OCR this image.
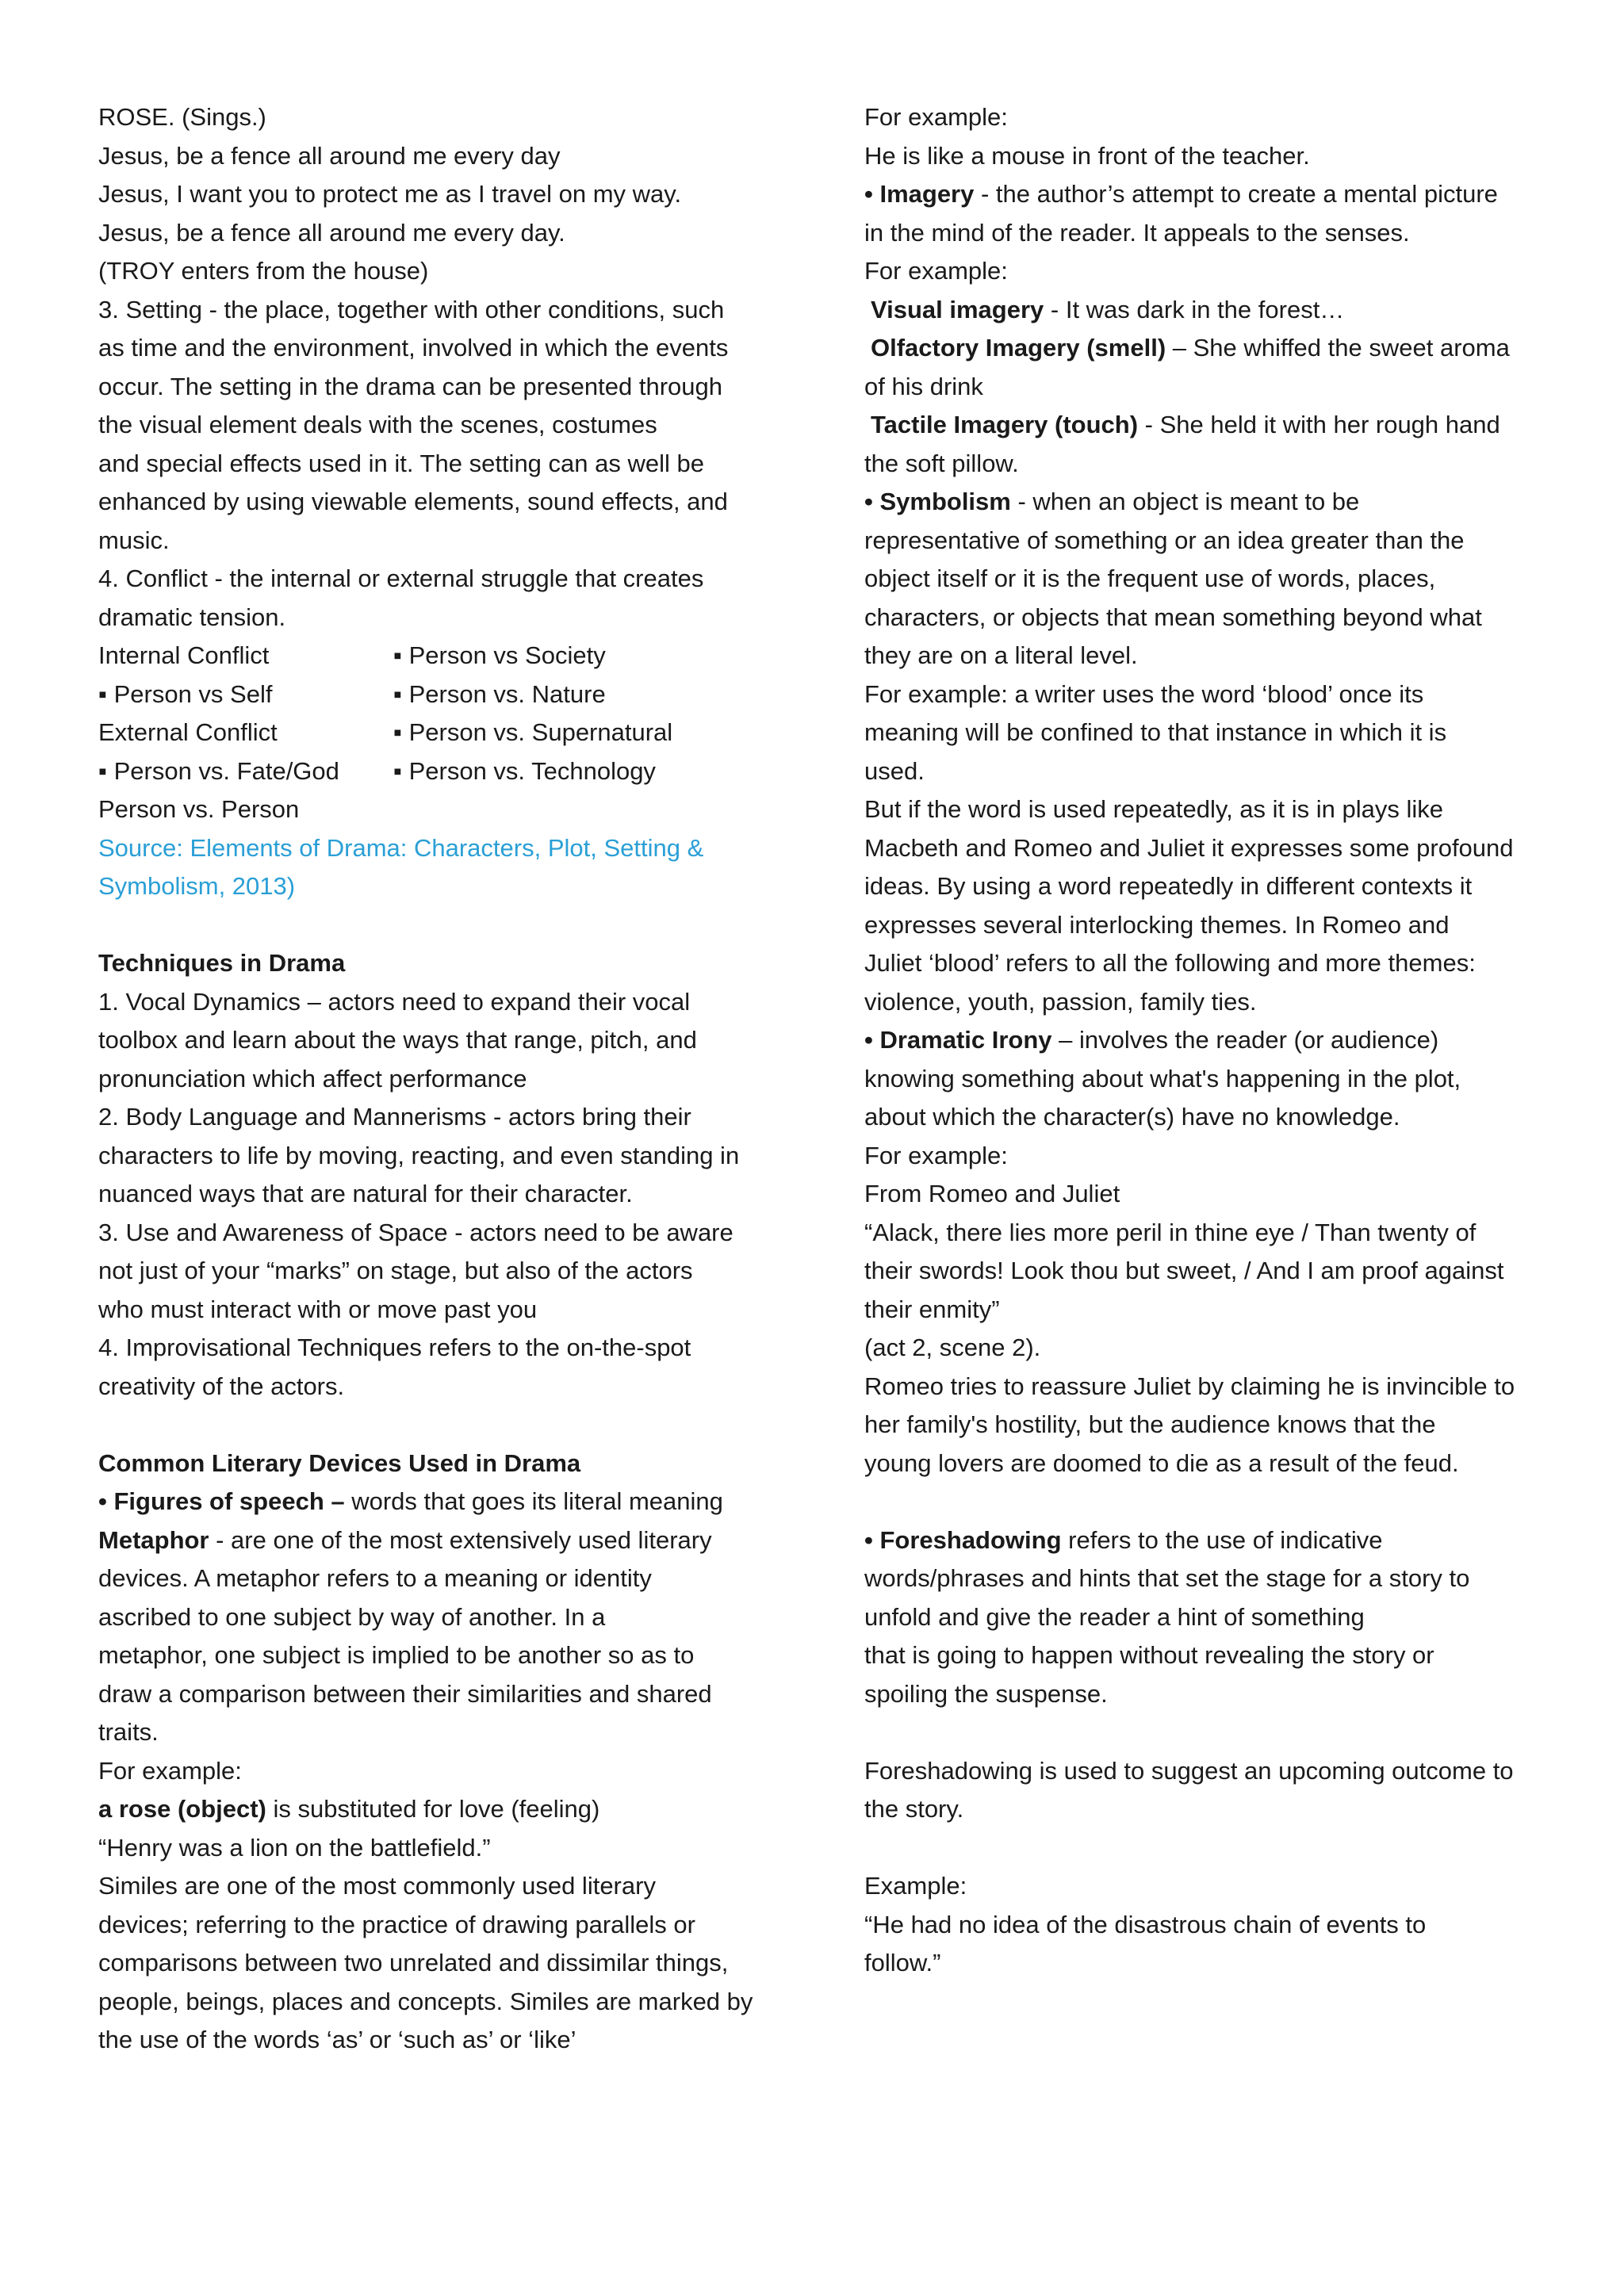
ROSE. (Sings.)
Jesus, be a fence all around me every day
Jesus, I want you to protect me as I travel on my way.
Jesus, be a fence all around me every day.
(TROY enters from the house)
3. Setting - the place, together with other conditions, such
as time and the environment, involved in which the events
occur. The setting in the drama can be presented through
the visual element deals with the scenes, costumes
and special effects used in it. The setting can as well be
enhanced by using viewable elements, sound effects, and
music.
4. Conflict - the internal or external struggle that creates
dramatic tension.
Internal Conflict	▪ Person vs Society
▪ Person vs Self	▪ Person vs. Nature
External Conflict	▪ Person vs. Supernatural
▪ Person vs. Fate/God	▪ Person vs. Technology
Person vs. Person
Source: Elements of Drama: Characters, Plot, Setting &
Symbolism, 2013)
Techniques in Drama
1. Vocal Dynamics – actors need to expand their vocal
toolbox and learn about the ways that range, pitch, and
pronunciation which affect performance
2. Body Language and Mannerisms - actors bring their
characters to life by moving, reacting, and even standing in
nuanced ways that are natural for their character.
3. Use and Awareness of Space - actors need to be aware
not just of your “marks” on stage, but also of the actors
who must interact with or move past you
4. Improvisational Techniques refers to the on-the-spot
creativity of the actors.
Common Literary Devices Used in Drama
• Figures of speech – words that goes its literal meaning
Metaphor - are one of the most extensively used literary
devices. A metaphor refers to a meaning or identity
ascribed to one subject by way of another. In a
metaphor, one subject is implied to be another so as to
draw a comparison between their similarities and shared
traits.
For example:
a rose (object) is substituted for love (feeling)
“Henry was a lion on the battlefield.”
Similes are one of the most commonly used literary
devices; referring to the practice of drawing parallels or
comparisons between two unrelated and dissimilar things,
people, beings, places and concepts. Similes are marked by
the use of the words ‘as’ or ‘such as’ or ‘like’
For example:
He is like a mouse in front of the teacher.
• Imagery - the author’s attempt to create a mental picture
in the mind of the reader. It appeals to the senses.
For example:
Visual imagery - It was dark in the forest…
Olfactory Imagery (smell) – She whiffed the sweet aroma
of his drink
Tactile Imagery (touch) - She held it with her rough hand
the soft pillow.
• Symbolism - when an object is meant to be
representative of something or an idea greater than the
object itself or it is the frequent use of words, places,
characters, or objects that mean something beyond what
they are on a literal level.
For example: a writer uses the word ‘blood’ once its
meaning will be confined to that instance in which it is
used.
But if the word is used repeatedly, as it is in plays like
Macbeth and Romeo and Juliet it expresses some profound
ideas. By using a word repeatedly in different contexts it
expresses several interlocking themes. In Romeo and
Juliet ‘blood’ refers to all the following and more themes:
violence, youth, passion, family ties.
• Dramatic Irony – involves the reader (or audience)
knowing something about what's happening in the plot,
about which the character(s) have no knowledge.
For example:
From Romeo and Juliet
“Alack, there lies more peril in thine eye / Than twenty of
their swords! Look thou but sweet, / And I am proof against
their enmity”
(act 2, scene 2).
Romeo tries to reassure Juliet by claiming he is invincible to
her family's hostility, but the audience knows that the
young lovers are doomed to die as a result of the feud.
• Foreshadowing refers to the use of indicative
words/phrases and hints that set the stage for a story to
unfold and give the reader a hint of something
that is going to happen without revealing the story or
spoiling the suspense.
Foreshadowing is used to suggest an upcoming outcome to
the story.
Example:
“He had no idea of the disastrous chain of events to
follow.”
